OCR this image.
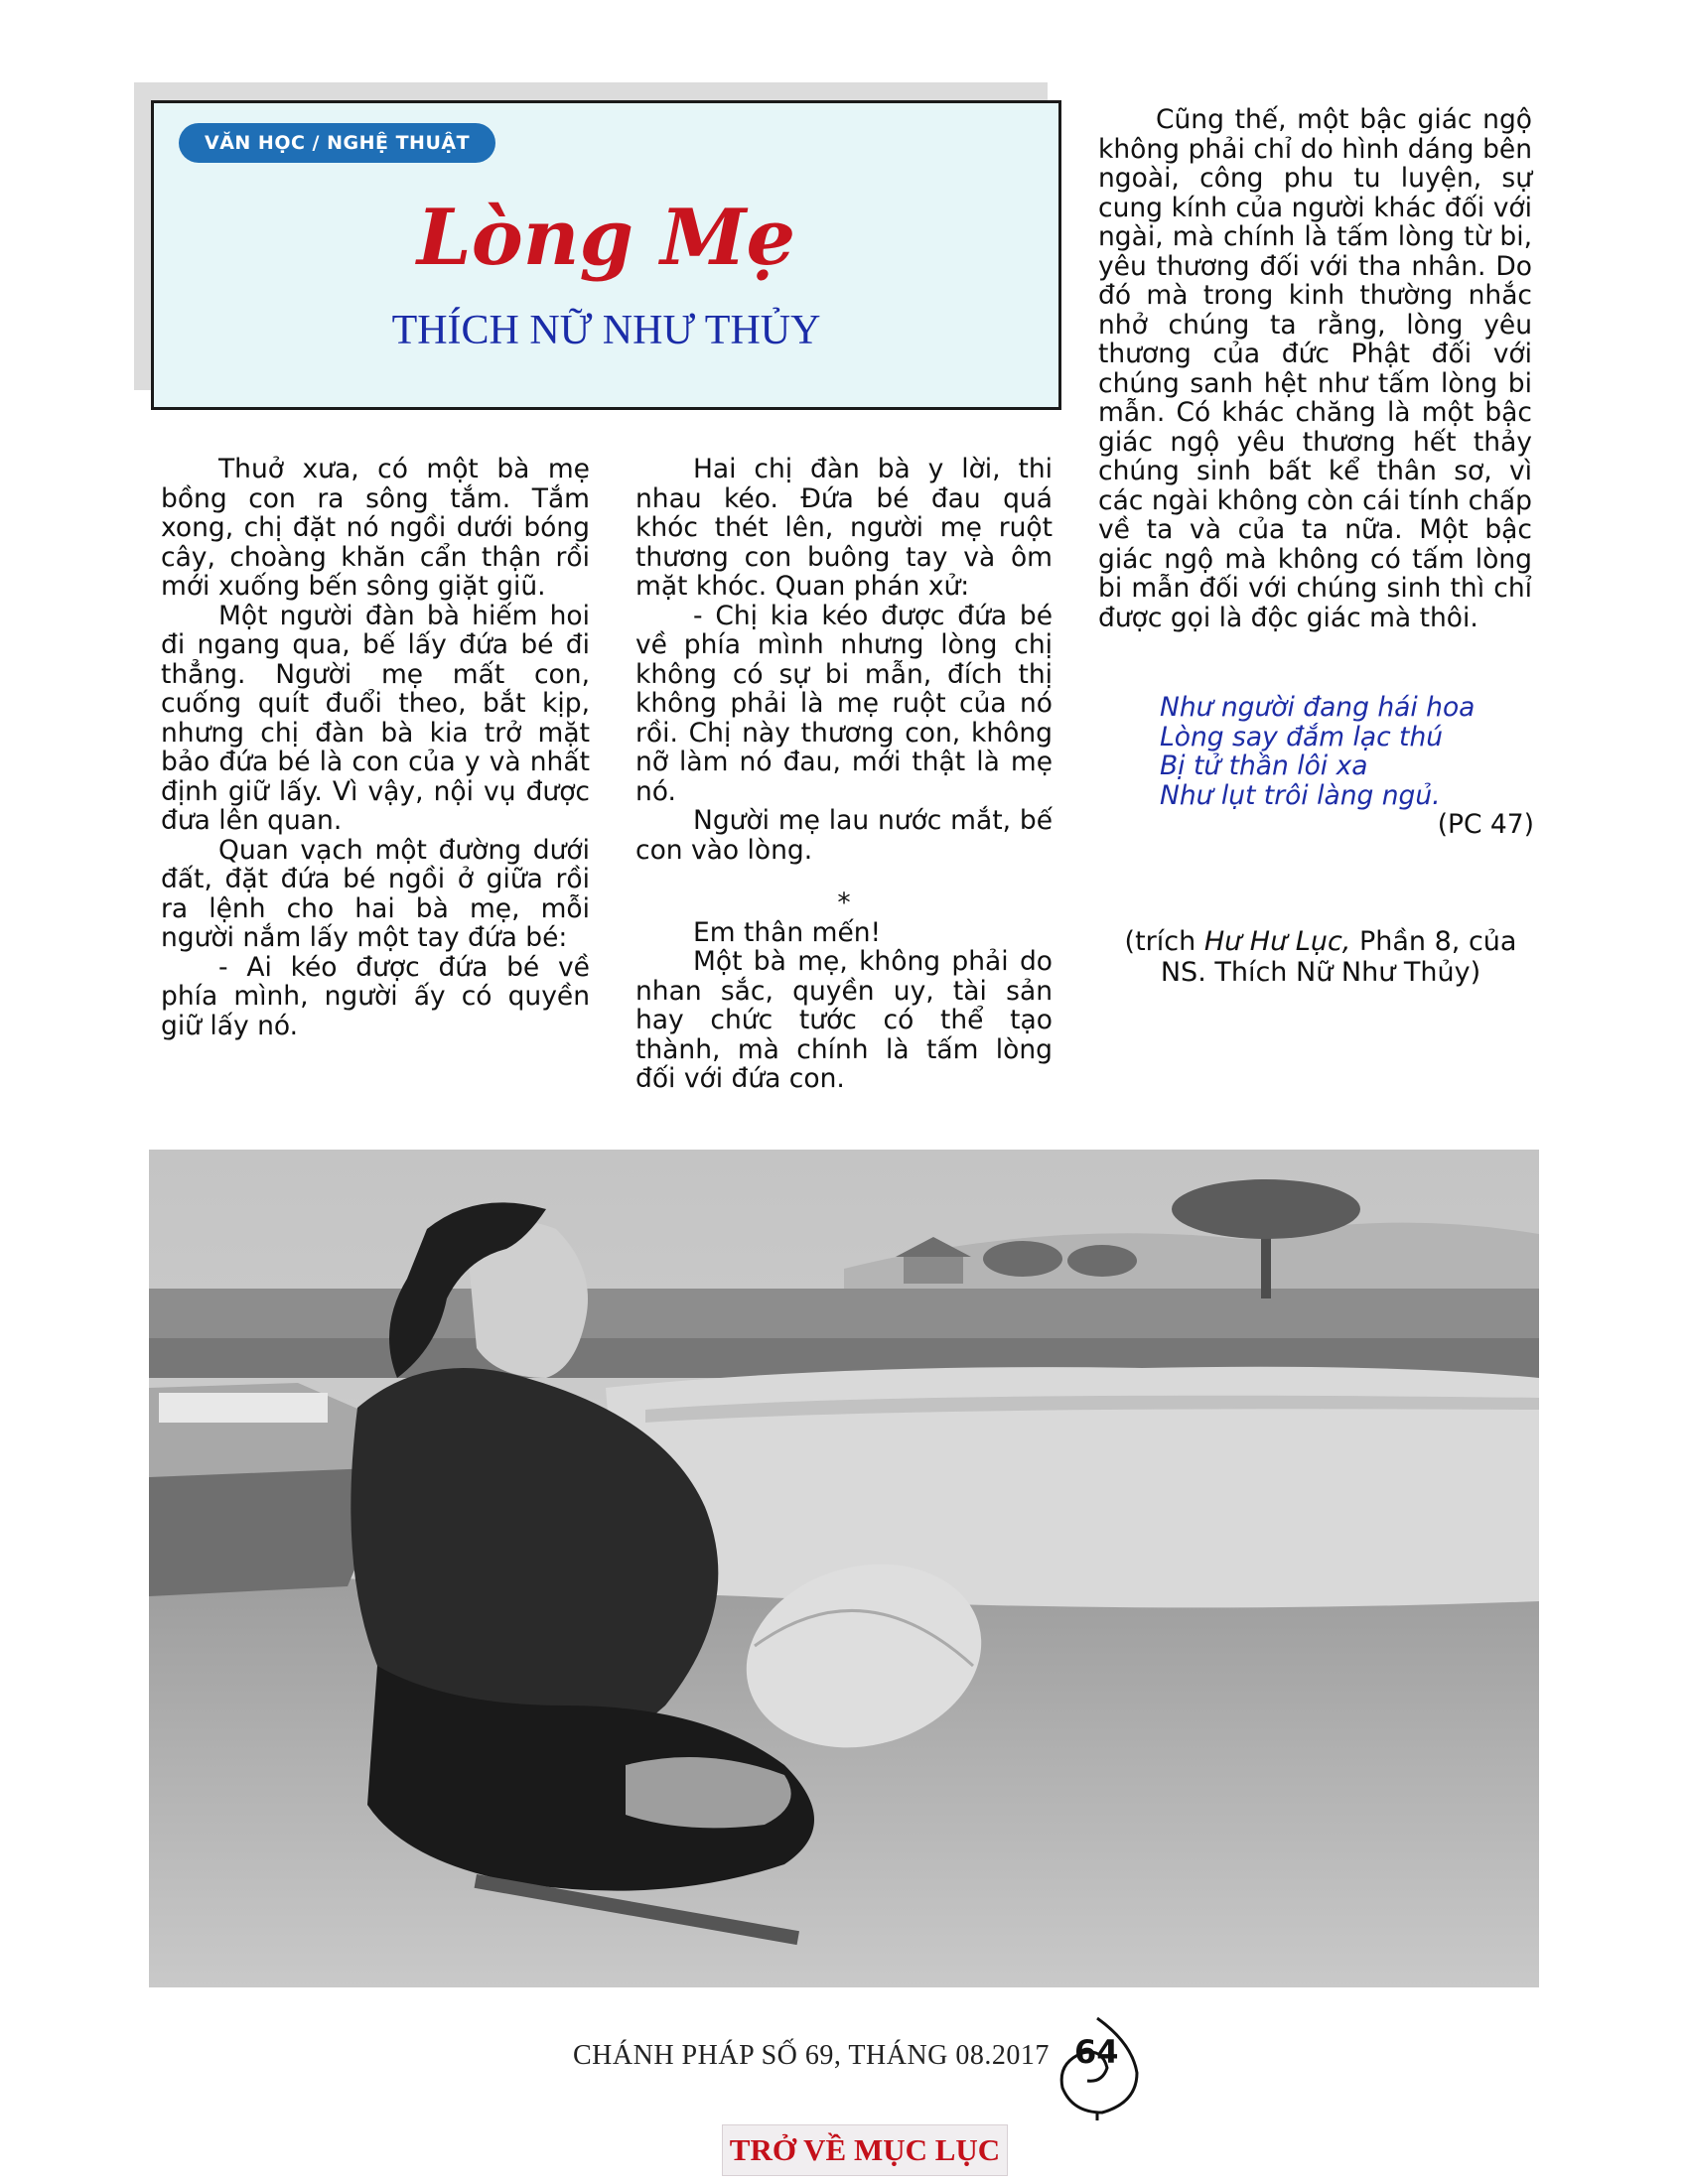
VĂN HỌC / NGHỆ THUẬT
Lòng Mẹ
THÍCH NỮ NHƯ THỦY

Thuở xưa, có một bà mẹ bồng con ra sông tắm. Tắm xong, chị đặt nó ngồi dưới bóng cây, choàng khăn cẩn thận rồi mới xuống bến sông giặt giũ.

Một người đàn bà hiếm hoi đi ngang qua, bế lấy đứa bé đi thẳng. Người mẹ mất con, cuống quít đuổi theo, bắt kịp, nhưng chị đàn bà kia trở mặt bảo đứa bé là con của y và nhất định giữ lấy. Vì vậy, nội vụ được đưa lên quan.

Quan vạch một đường dưới đất, đặt đứa bé ngồi ở giữa rồi ra lệnh cho hai bà mẹ, mỗi người nắm lấy một tay đứa bé:

- Ai kéo được đứa bé về phía mình, người ấy có quyền giữ lấy nó.

Hai chị đàn bà y lời, thi nhau kéo. Đứa bé đau quá khóc thét lên, người mẹ ruột thương con buông tay và ôm mặt khóc. Quan phán xử:

- Chị kia kéo được đứa bé về phía mình nhưng lòng chị không có sự bi mẫn, đích thị không phải là mẹ ruột của nó rồi. Chị này thương con, không nỡ làm nó đau, mới thật là mẹ nó.

Người mẹ lau nước mắt, bế con vào lòng.

*

Em thân mến!

Một bà mẹ, không phải do nhan sắc, quyền uy, tài sản hay chức tước có thể tạo thành, mà chính là tấm lòng đối với đứa con.

Cũng thế, một bậc giác ngộ không phải chỉ do hình dáng bên ngoài, công phu tu luyện, sự cung kính của người khác đối với ngài, mà chính là tấm lòng từ bi, yêu thương đối với tha nhân. Do đó mà trong kinh thường nhắc nhở chúng ta rằng, lòng yêu thương của đức Phật đối với chúng sanh hệt như tấm lòng bi mẫn. Có khác chăng là một bậc giác ngộ yêu thương hết thảy chúng sinh bất kể thân sơ, vì các ngài không còn cái tính chấp về ta và của ta nữa. Một bậc giác ngộ mà không có tấm lòng bi mẫn đối với chúng sinh thì chỉ được gọi là độc giác mà thôi.

Như người đang hái hoa
Lòng say đắm lạc thú
Bị tử thần lôi xa
Như lụt trôi làng ngủ.
(PC 47)
(trích Hư Hư Lục, Phần 8, của
NS. Thích Nữ Như Thủy)
CHÁNH PHÁP SỐ 69, THÁNG 08.2017 64
TRỞ VỀ MỤC LỤC
